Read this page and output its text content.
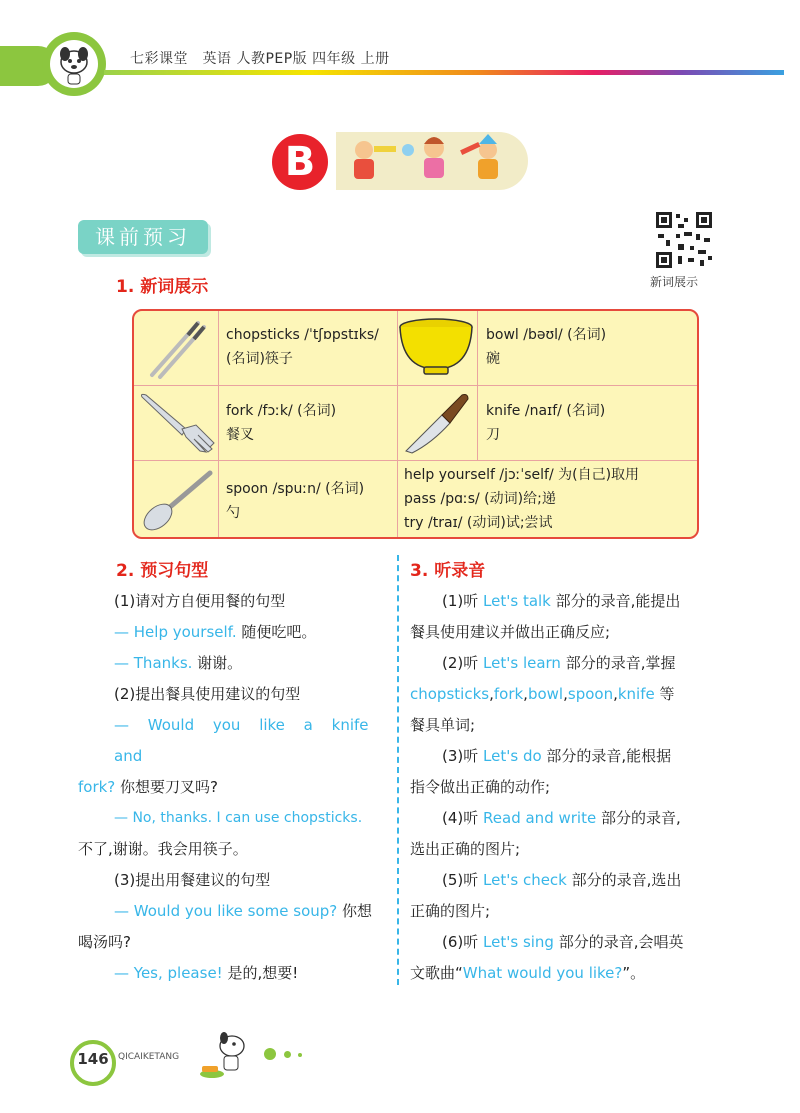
七彩课堂　英语 人教PEP版 四年级 上册
B
课前预习
新词展示
1. 新词展示
chopsticks /ˈtʃɒpstɪks/
(名词)筷子
bowl /bəʊl/ (名词)
碗
fork /fɔːk/ (名词)
餐叉
knife /naɪf/ (名词)
刀
spoon /spuːn/ (名词)
勺
help yourself /jɔːˈself/ 为(自己)取用
pass /pɑːs/ (动词)给;递
try /traɪ/ (动词)试;尝试
2. 预习句型
(1)请对方自便用餐的句型
— Help yourself. 随便吃吧。
— Thanks. 谢谢。
(2)提出餐具使用建议的句型
— Would you like a knife and
fork? 你想要刀叉吗?
— No, thanks. I can use chopsticks.
不了,谢谢。我会用筷子。
(3)提出用餐建议的句型
— Would you like some soup? 你想
喝汤吗?
— Yes, please! 是的,想要!
3. 听录音
(1)听 Let's talk 部分的录音,能提出
餐具使用建议并做出正确反应;
(2)听 Let's learn 部分的录音,掌握
chopsticks,fork,bowl,spoon,knife 等
餐具单词;
(3)听 Let's do 部分的录音,能根据
指令做出正确的动作;
(4)听 Read and write 部分的录音,
选出正确的图片;
(5)听 Let's check 部分的录音,选出
正确的图片;
(6)听 Let's sing 部分的录音,会唱英
文歌曲“What would you like?”。
146	QICAIKETANG
